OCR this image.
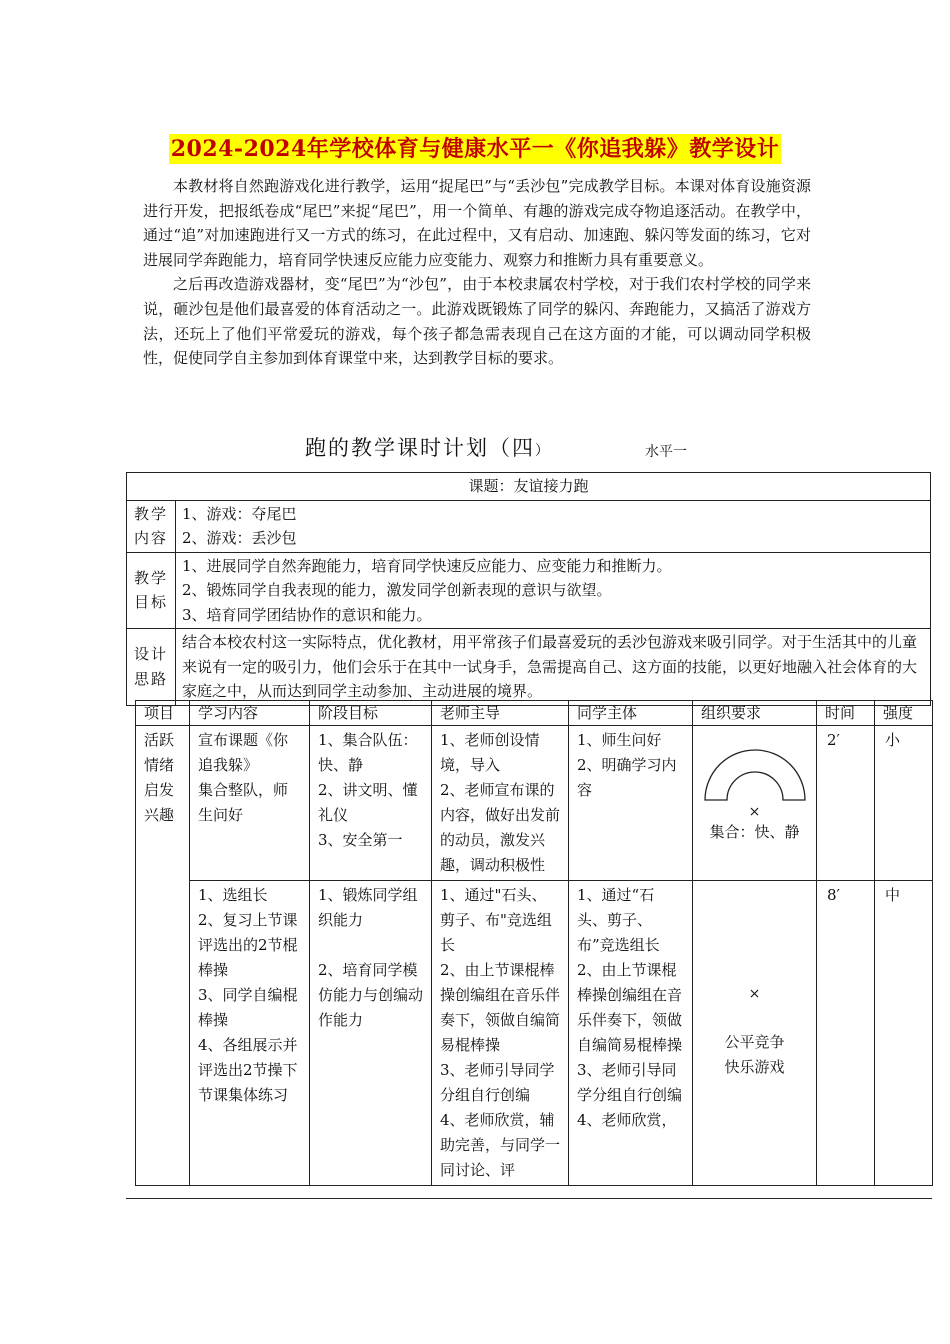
2024-2024年学校体育与健康水平一《你追我躲》教学设计

本教材将自然跑游戏化进行教学，运用“捉尾巴”与“丢沙包”完成教学目标。本课对体育设施资源进行开发，把报纸卷成“尾巴”来捉“尾巴”，用一个简单、有趣的游戏完成夺物追逐活动。在教学中，通过“追”对加速跑进行又一方式的练习，在此过程中，又有启动、加速跑、躲闪等发面的练习，它对进展同学奔跑能力，培育同学快速反应能力应变能力、观察力和推断力具有重要意义。

之后再改造游戏器材，变“尾巴”为“沙包”，由于本校隶属农村学校，对于我们农村学校的同学来说，砸沙包是他们最喜爱的体育活动之一。此游戏既锻炼了同学的躲闪、奔跑能力，又搞活了游戏方法，还玩上了他们平常爱玩的游戏，每个孩子都急需表现自己在这方面的才能，可以调动同学积极性，促使同学自主参加到体育课堂中来，达到教学目标的要求。

跑的教学课时计划（四）	水平一
课题：友谊接力跑	
教学内容	1、游戏：夺尾巴
2、游戏：丢沙包

教学目标	1、进展同学自然奔跑能力，培育同学快速反应能力、应变能力和推断力。
2、锻炼同学自我表现的能力，激发同学创新表现的意识与欲望。
3、培育同学团结协作的意识和能力。

设计思路	结合本校农村这一实际特点，优化教材，用平常孩子们最喜爱玩的丢沙包游戏来吸引同学。对于生活其中的儿童来说有一定的吸引力，他们会乐于在其中一试身手，急需提高自己、这方面的技能，以更好地融入社会体育的大家庭之中，从而达到同学主动参加、主动进展的境界。
项目	学习内容	阶段目标	老师主导	同学主体	组织要求	时间	强度
活跃情绪启发兴趣	宣布课题《你追我躲》
集合整队，师生问好	1、集合队伍：
快、静
2、讲文明、懂礼仪
3、安全第一	1、老师创设情境，导入
2、老师宣布课的内容，做好出发前的动员，激发兴趣，调动积极性	1、师生问好
2、明确学习内容	×
集合：快、静	2′	小
	1、选组长
2、复习上节课评选出的2节棍棒操
3、同学自编棍棒操
4、各组展示并评选出2节操下节课集体练习	1、锻炼同学组织能力

2、培育同学模仿能力与创编动作能力	1、通过"石头、剪子、布"竞选组长
2、由上节课棍棒操创编组在音乐伴奏下，领做自编简易棍棒操
3、老师引导同学分组自行创编
4、老师欣赏，辅助完善，与同学一同讨论、评	1、通过“石头、剪子、布”竞选组长
2、由上节课棍棒操创编组在音乐伴奏下，领做自编简易棍棒操
3、老师引导同学分组自行创编
4、老师欣赏，	×
公平竞争
快乐游戏	8′	中
